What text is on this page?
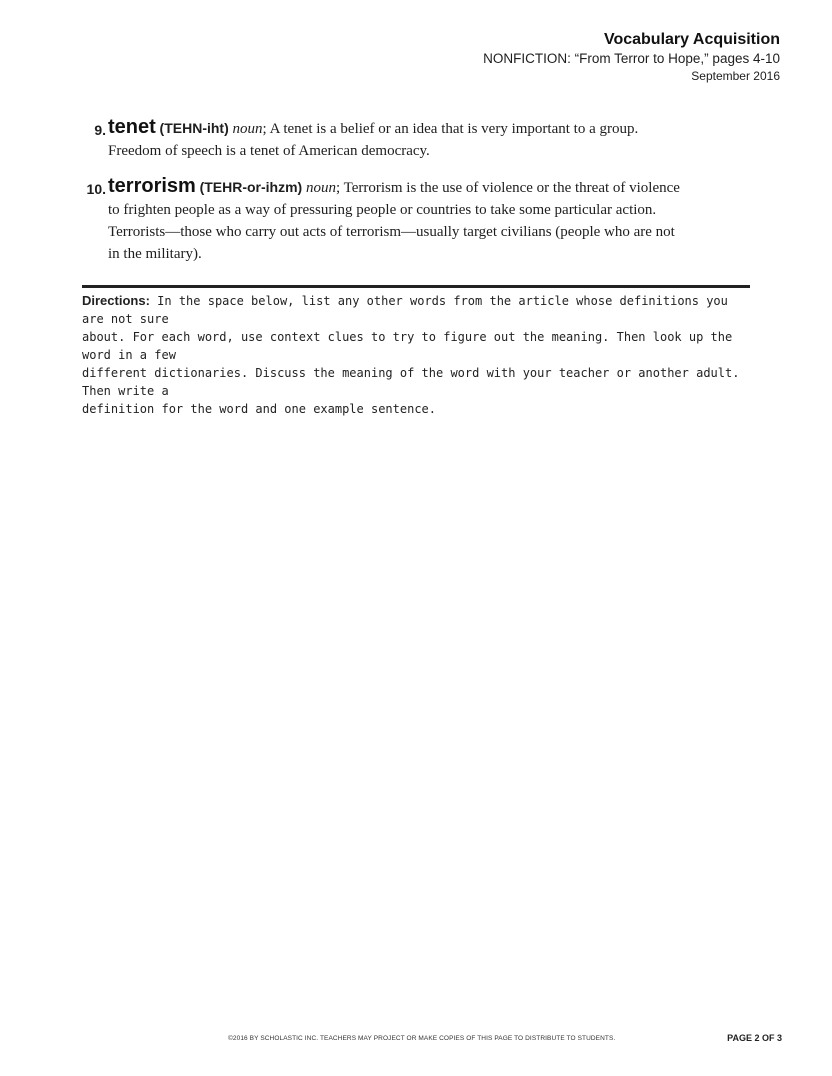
Vocabulary Acquisition
NONFICTION: “From Terror to Hope,” pages 4-10
September 2016
9. tenet (TEHN-iht) noun; A tenet is a belief or an idea that is very important to a group.
Freedom of speech is a tenet of American democracy.
10. terrorism (TEHR-or-ihzm) noun; Terrorism is the use of violence or the threat of violence
to frighten people as a way of pressuring people or countries to take some particular action.
Terrorists—those who carry out acts of terrorism—usually target civilians (people who are not
in the military).
Directions: In the space below, list any other words from the article whose definitions you are not sure
about. For each word, use context clues to try to figure out the meaning. Then look up the word in a few
different dictionaries. Discuss the meaning of the word with your teacher or another adult. Then write a
definition for the word and one example sentence.
©2016 BY SCHOLASTIC INC. TEACHERS MAY PROJECT OR MAKE COPIES OF THIS PAGE TO DISTRIBUTE TO STUDENTS.	PAGE 2 OF 3
